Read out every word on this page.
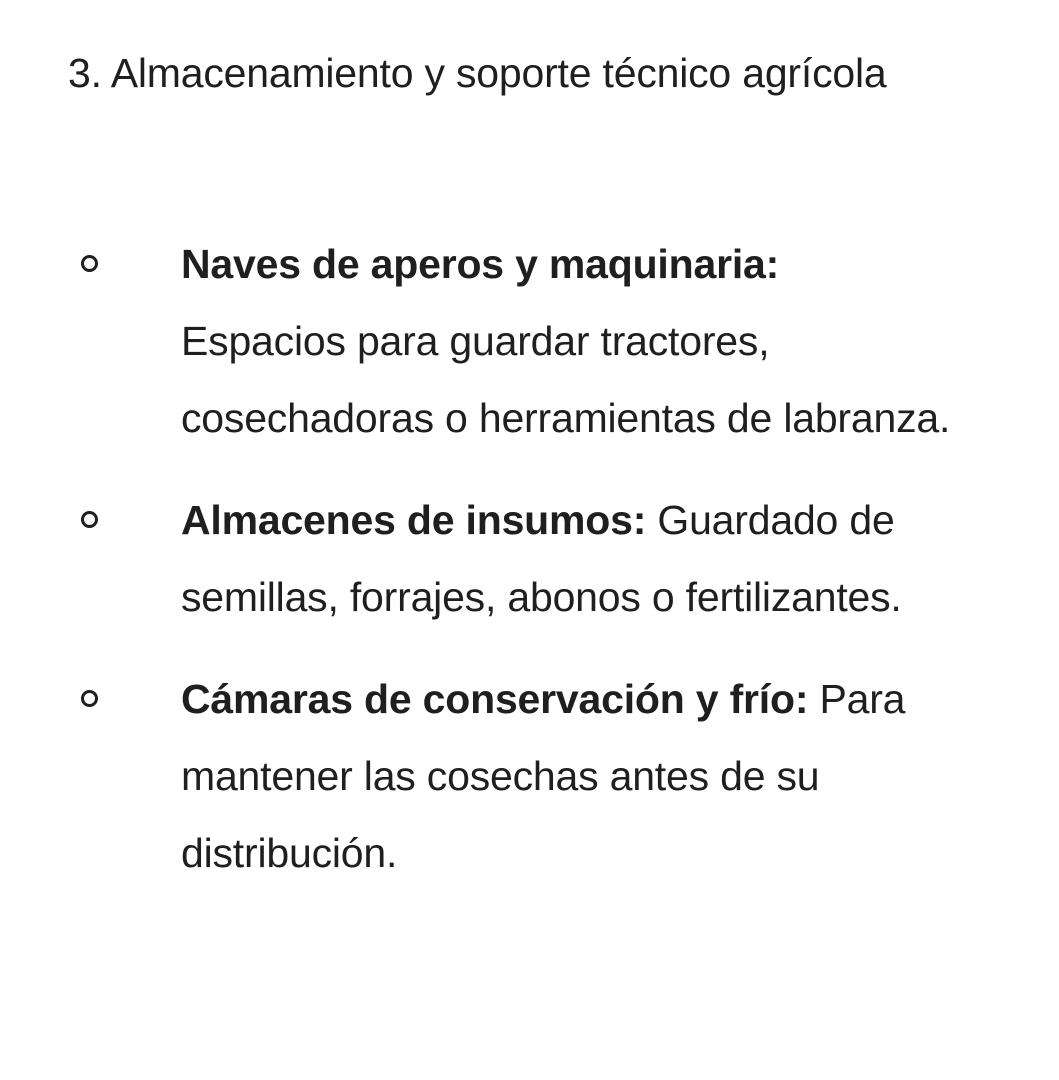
3. Almacenamiento y soporte técnico agrícola
Naves de aperos y maquinaria:
Espacios para guardar tractores, cosechadoras o herramientas de labranza.
Almacenes de insumos: Guardado de semillas, forrajes, abonos o fertilizantes.
Cámaras de conservación y frío: Para mantener las cosechas antes de su distribución.
